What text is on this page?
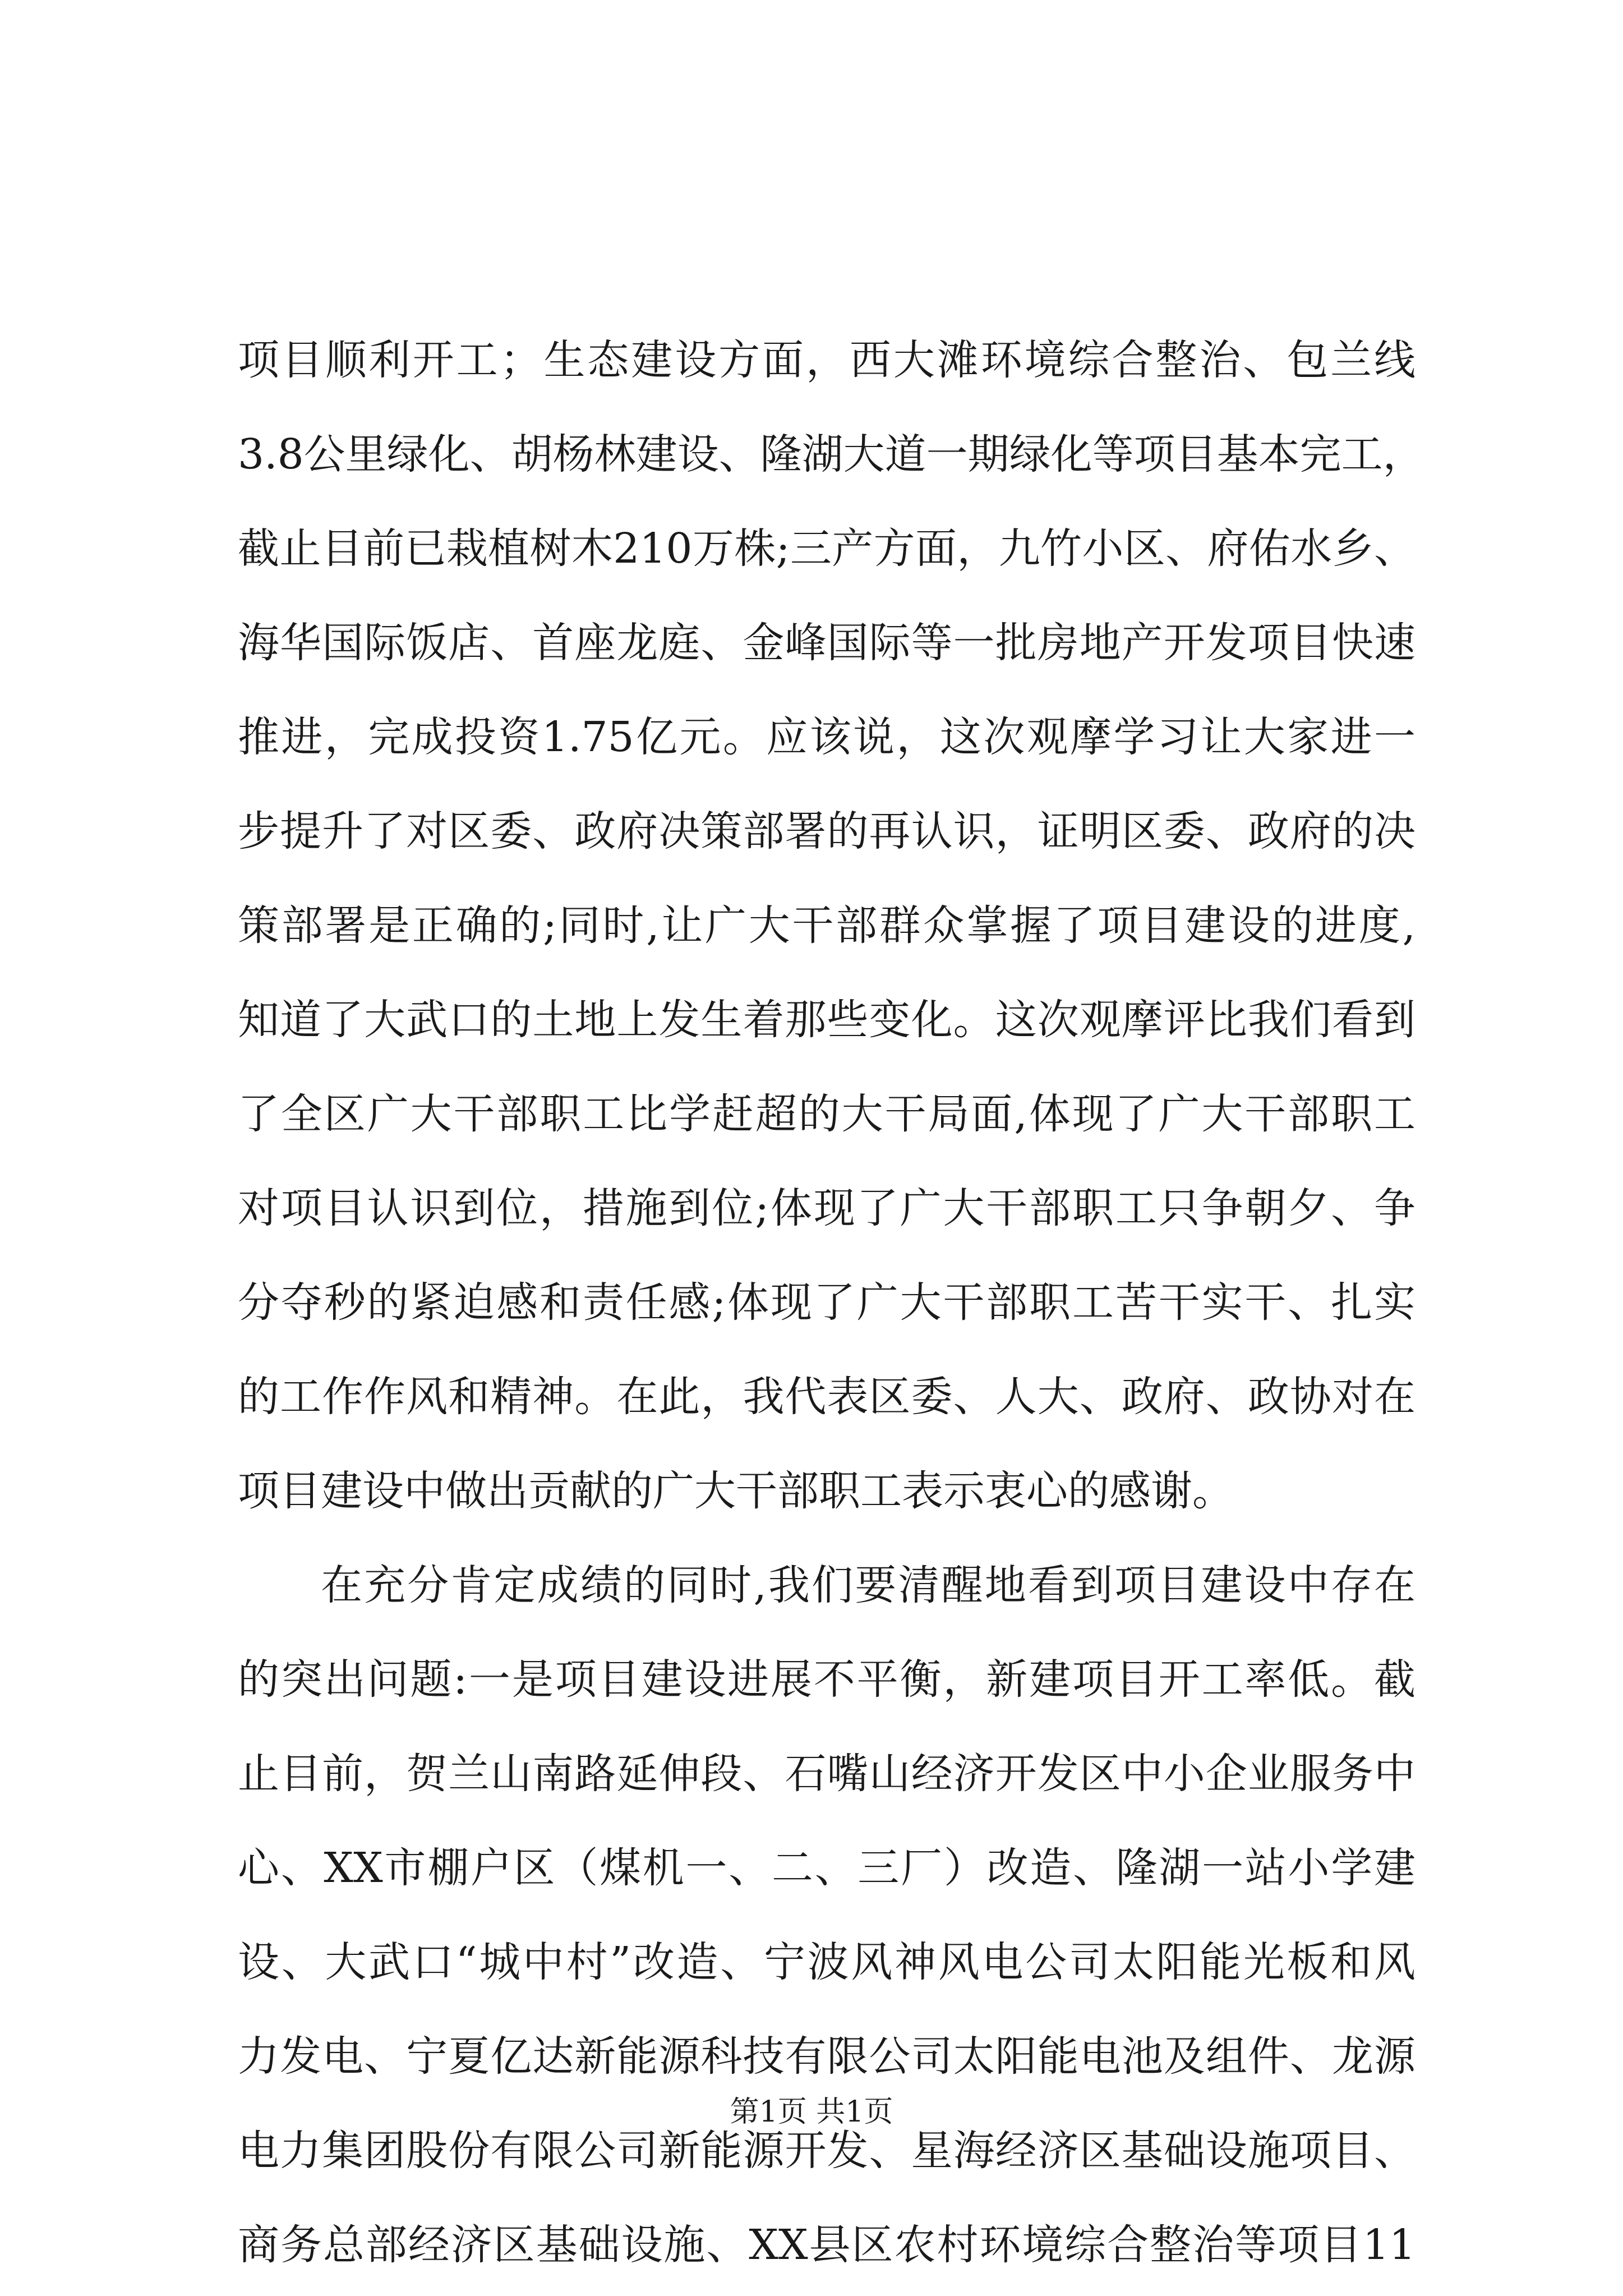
项目顺利开工；生态建设方面，西大滩环境综合整治、包兰线
3.8公里绿化、胡杨林建设、隆湖大道一期绿化等项目基本完工，
截止目前已栽植树木210万株;三产方面，九竹小区、府佑水乡、
海华国际饭店、首座龙庭、金峰国际等一批房地产开发项目快速
推进，完成投资1.75亿元。应该说，这次观摩学习让大家进一
步提升了对区委、政府决策部署的再认识，证明区委、政府的决
策部署是正确的;同时,让广大干部群众掌握了项目建设的进度,
知道了大武口的土地上发生着那些变化。这次观摩评比我们看到
了全区广大干部职工比学赶超的大干局面,体现了广大干部职工
对项目认识到位，措施到位;体现了广大干部职工只争朝夕、争
分夺秒的紧迫感和责任感;体现了广大干部职工苦干实干、扎实
的工作作风和精神。在此，我代表区委、人大、政府、政协对在
项目建设中做出贡献的广大干部职工表示衷心的感谢。
在充分肯定成绩的同时,我们要清醒地看到项目建设中存在
的突出问题:一是项目建设进展不平衡，新建项目开工率低。截
止目前，贺兰山南路延伸段、石嘴山经济开发区中小企业服务中
心、XX市棚户区（煤机一、二、三厂）改造、隆湖一站小学建
设、大武口“城中村”改造、宁波风神风电公司太阳能光板和风
力发电、宁夏亿达新能源科技有限公司太阳能电池及组件、龙源
电力集团股份有限公司新能源开发、星海经济区基础设施项目、
商务总部经济区基础设施、XX县区农村环境综合整治等项目11
第1页 共1页
